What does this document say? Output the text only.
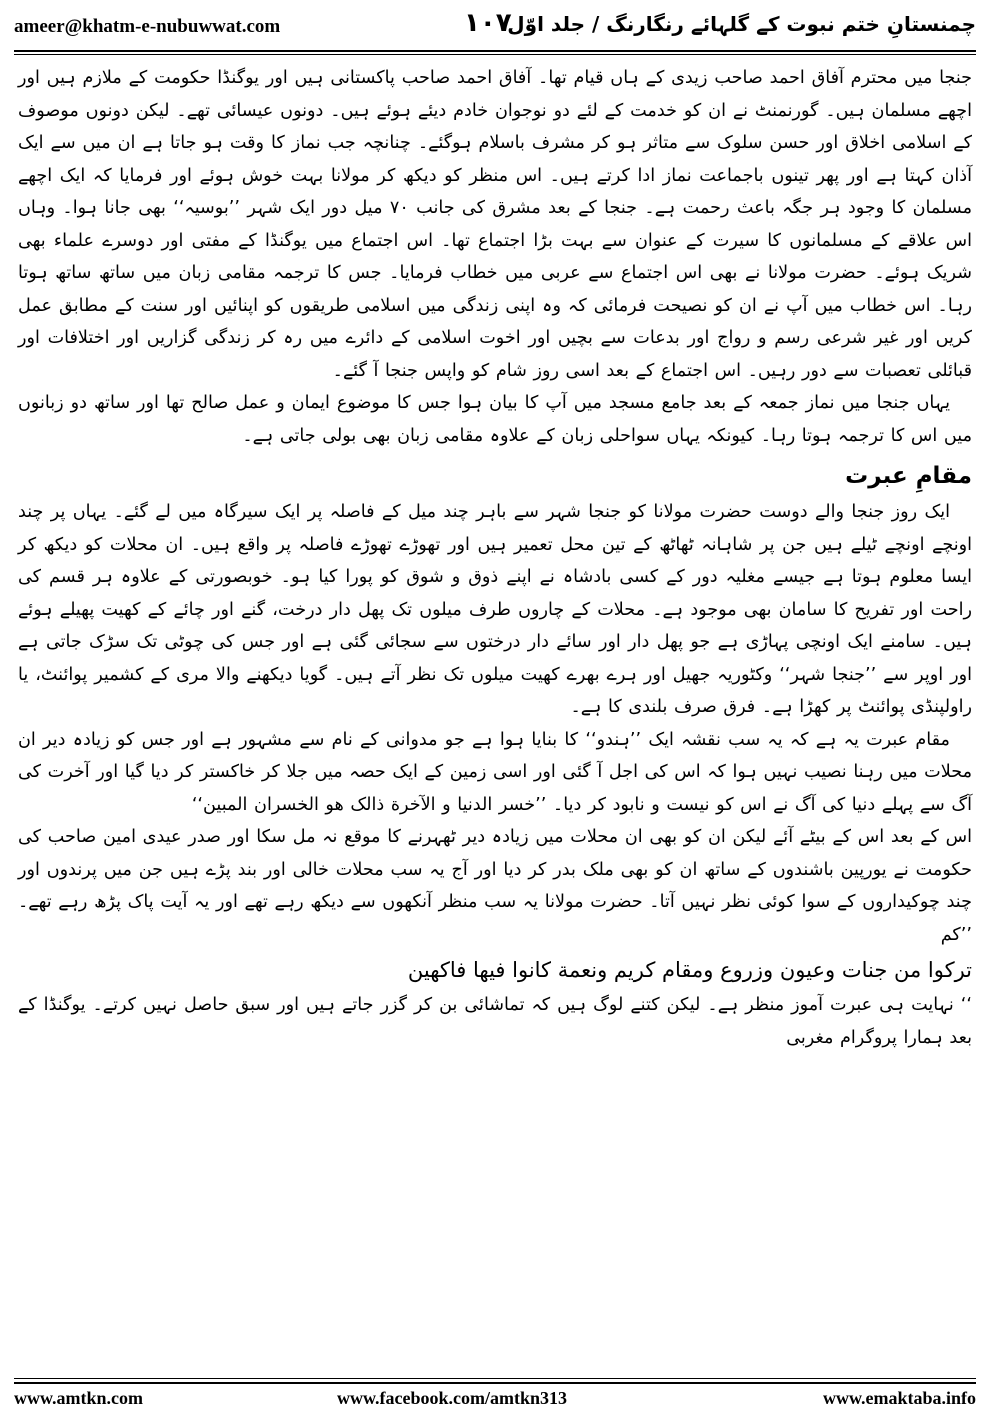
ameer@khatm-e-nubuwwat.com	۱۰۷
چمنستانِ ختم نبوت کے گلہائے رنگارنگ / جلد اوّل

جنجا میں محترم آفاق احمد صاحب زیدی کے ہاں قیام تھا۔ آفاق احمد صاحب پاکستانی ہیں اور یوگنڈا حکومت کے ملازم ہیں اور اچھے مسلمان ہیں۔ گورنمنٹ نے ان کو خدمت کے لئے دو نوجوان خادم دیئے ہوئے ہیں۔ دونوں عیسائی تھے۔ لیکن دونوں موصوف کے اسلامی اخلاق اور حسن سلوک سے متاثر ہو کر مشرف باسلام ہوگئے۔ چنانچہ جب نماز کا وقت ہو جاتا ہے ان میں سے ایک آذان کہتا ہے اور پھر تینوں باجماعت نماز ادا کرتے ہیں۔ اس منظر کو دیکھ کر مولانا بہت خوش ہوئے اور فرمایا کہ ایک اچھے مسلمان کا وجود ہر جگہ باعث رحمت ہے۔ جنجا کے بعد مشرق کی جانب ۷۰ میل دور ایک شہر ’’بوسیہ‘‘ بھی جانا ہوا۔ وہاں اس علاقے کے مسلمانوں کا سیرت کے عنوان سے بہت بڑا اجتماع تھا۔ اس اجتماع میں یوگنڈا کے مفتی اور دوسرے علماء بھی شریک ہوئے۔ حضرت مولانا نے بھی اس اجتماع سے عربی میں خطاب فرمایا۔ جس کا ترجمہ مقامی زبان میں ساتھ ساتھ ہوتا رہا۔ اس خطاب میں آپ نے ان کو نصیحت فرمائی کہ وہ اپنی زندگی میں اسلامی طریقوں کو اپنائیں اور سنت کے مطابق عمل کریں اور غیر شرعی رسم و رواج اور بدعات سے بچیں اور اخوت اسلامی کے دائرے میں رہ کر زندگی گزاریں اور اختلافات اور قبائلی تعصبات سے دور رہیں۔ اس اجتماع کے بعد اسی روز شام کو واپس جنجا آ گئے۔

یہاں جنجا میں نماز جمعہ کے بعد جامع مسجد میں آپ کا بیان ہوا جس کا موضوع ایمان و عمل صالح تھا اور ساتھ دو زبانوں میں اس کا ترجمہ ہوتا رہا۔ کیونکہ یہاں سواحلی زبان کے علاوہ مقامی زبان بھی بولی جاتی ہے۔

مقامِ عبرت

ایک روز جنجا والے دوست حضرت مولانا کو جنجا شہر سے باہر چند میل کے فاصلہ پر ایک سیرگاہ میں لے گئے۔ یہاں پر چند اونچے اونچے ٹیلے ہیں جن پر شاہانہ ٹھاٹھ کے تین محل تعمیر ہیں اور تھوڑے تھوڑے فاصلہ پر واقع ہیں۔ ان محلات کو دیکھ کر ایسا معلوم ہوتا ہے جیسے مغلیہ دور کے کسی بادشاہ نے اپنے ذوق و شوق کو پورا کیا ہو۔ خوبصورتی کے علاوہ ہر قسم کی راحت اور تفریح کا سامان بھی موجود ہے۔ محلات کے چاروں طرف میلوں تک پھل دار درخت، گنے اور چائے کے کھیت پھیلے ہوئے ہیں۔ سامنے ایک اونچی پہاڑی ہے جو پھل دار اور سائے دار درختوں سے سجائی گئی ہے اور جس کی چوٹی تک سڑک جاتی ہے اور اوپر سے ’’جنجا شہر‘‘ وکٹوریہ جھیل اور ہرے بھرے کھیت میلوں تک نظر آتے ہیں۔ گویا دیکھنے والا مری کے کشمیر پوائنٹ، یا راولپنڈی پوائنٹ پر کھڑا ہے۔ فرق صرف بلندی کا ہے۔

مقام عبرت یہ ہے کہ یہ سب نقشہ ایک ’’ہندو‘‘ کا بنایا ہوا ہے جو مدوانی کے نام سے مشہور ہے اور جس کو زیادہ دیر ان محلات میں رہنا نصیب نہیں ہوا کہ اس کی اجل آ گئی اور اسی زمین کے ایک حصہ میں جلا کر خاکستر کر دیا گیا اور آخرت کی آگ سے پہلے دنیا کی آگ نے اس کو نیست و نابود کر دیا۔ ’’خسر الدنیا و الآخرة ذالک هو الخسران المبین‘‘

اس کے بعد اس کے بیٹے آئے لیکن ان کو بھی ان محلات میں زیادہ دیر ٹھہرنے کا موقع نہ مل سکا اور صدر عیدی امین صاحب کی حکومت نے یورپین باشندوں کے ساتھ ان کو بھی ملک بدر کر دیا اور آج یہ سب محلات خالی اور بند پڑے ہیں جن میں پرندوں اور چند چوکیداروں کے سوا کوئی نظر نہیں آتا۔ حضرت مولانا یہ سب منظر آنکھوں سے دیکھ رہے تھے اور یہ آیت پاک پڑھ رہے تھے۔ ’’کم

ترکوا من جنات وعیون وزروع ومقام کریم ونعمة کانوا فیها فاکهین

‘‘ نہایت ہی عبرت آموز منظر ہے۔ لیکن کتنے لوگ ہیں کہ تماشائی بن کر گزر جاتے ہیں اور سبق حاصل نہیں کرتے۔ یوگنڈا کے بعد ہمارا پروگرام مغربی

www.amtkn.com	www.facebook.com/amtkn313	www.emaktaba.info
